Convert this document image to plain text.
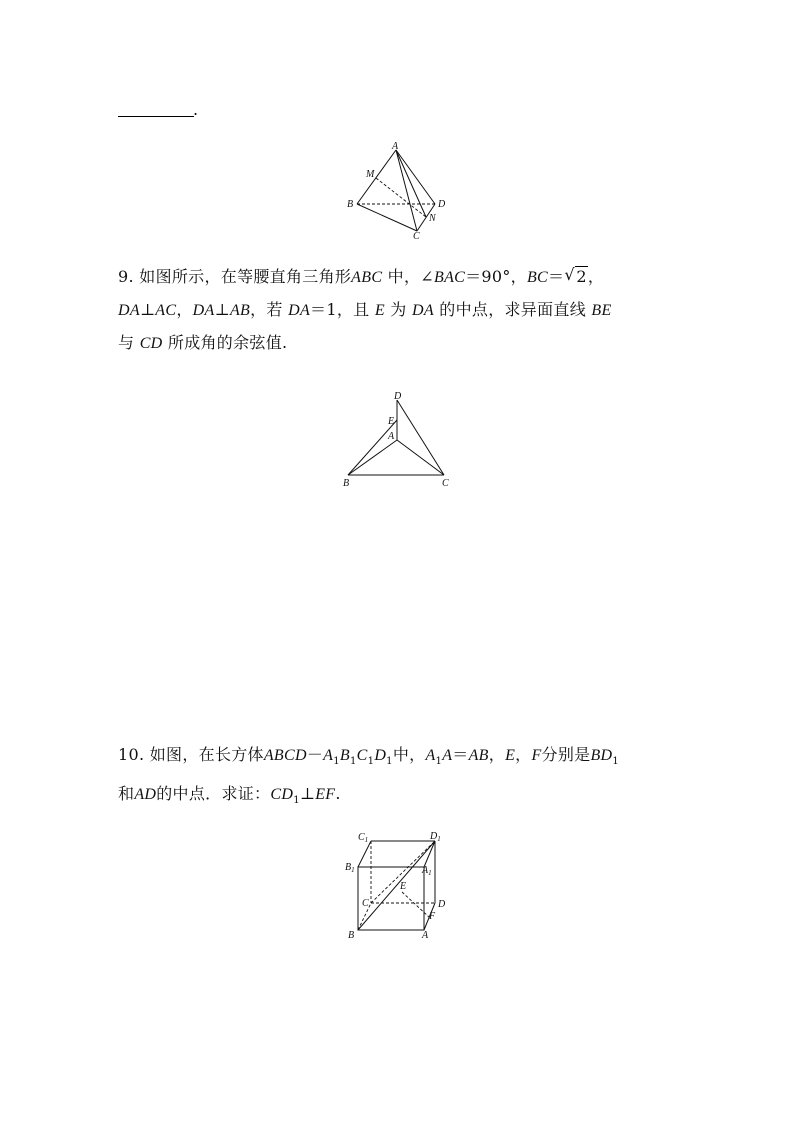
.
A
M
B	D
N
C
9. 如图所示，在等腰直角三角形ABC 中，∠BAC＝90°，BC＝ √ 2，
DA⊥AC，DA⊥AB，若 DA＝1，且 E 为 DA 的中点，求异面直线 BE
与 CD 所成角的余弦值.
D
E
A
B	C
10. 如图，在长方体$ABCD-A_1B_1C_1D_1$中，$A_1A=AB$，E，F分别是$BD_1$
和AD的中点．求证：$CD_1\perp EF$.
$C_1$	$D_1$
$B_1$	$A_1$
E
C	D
F
B	A
